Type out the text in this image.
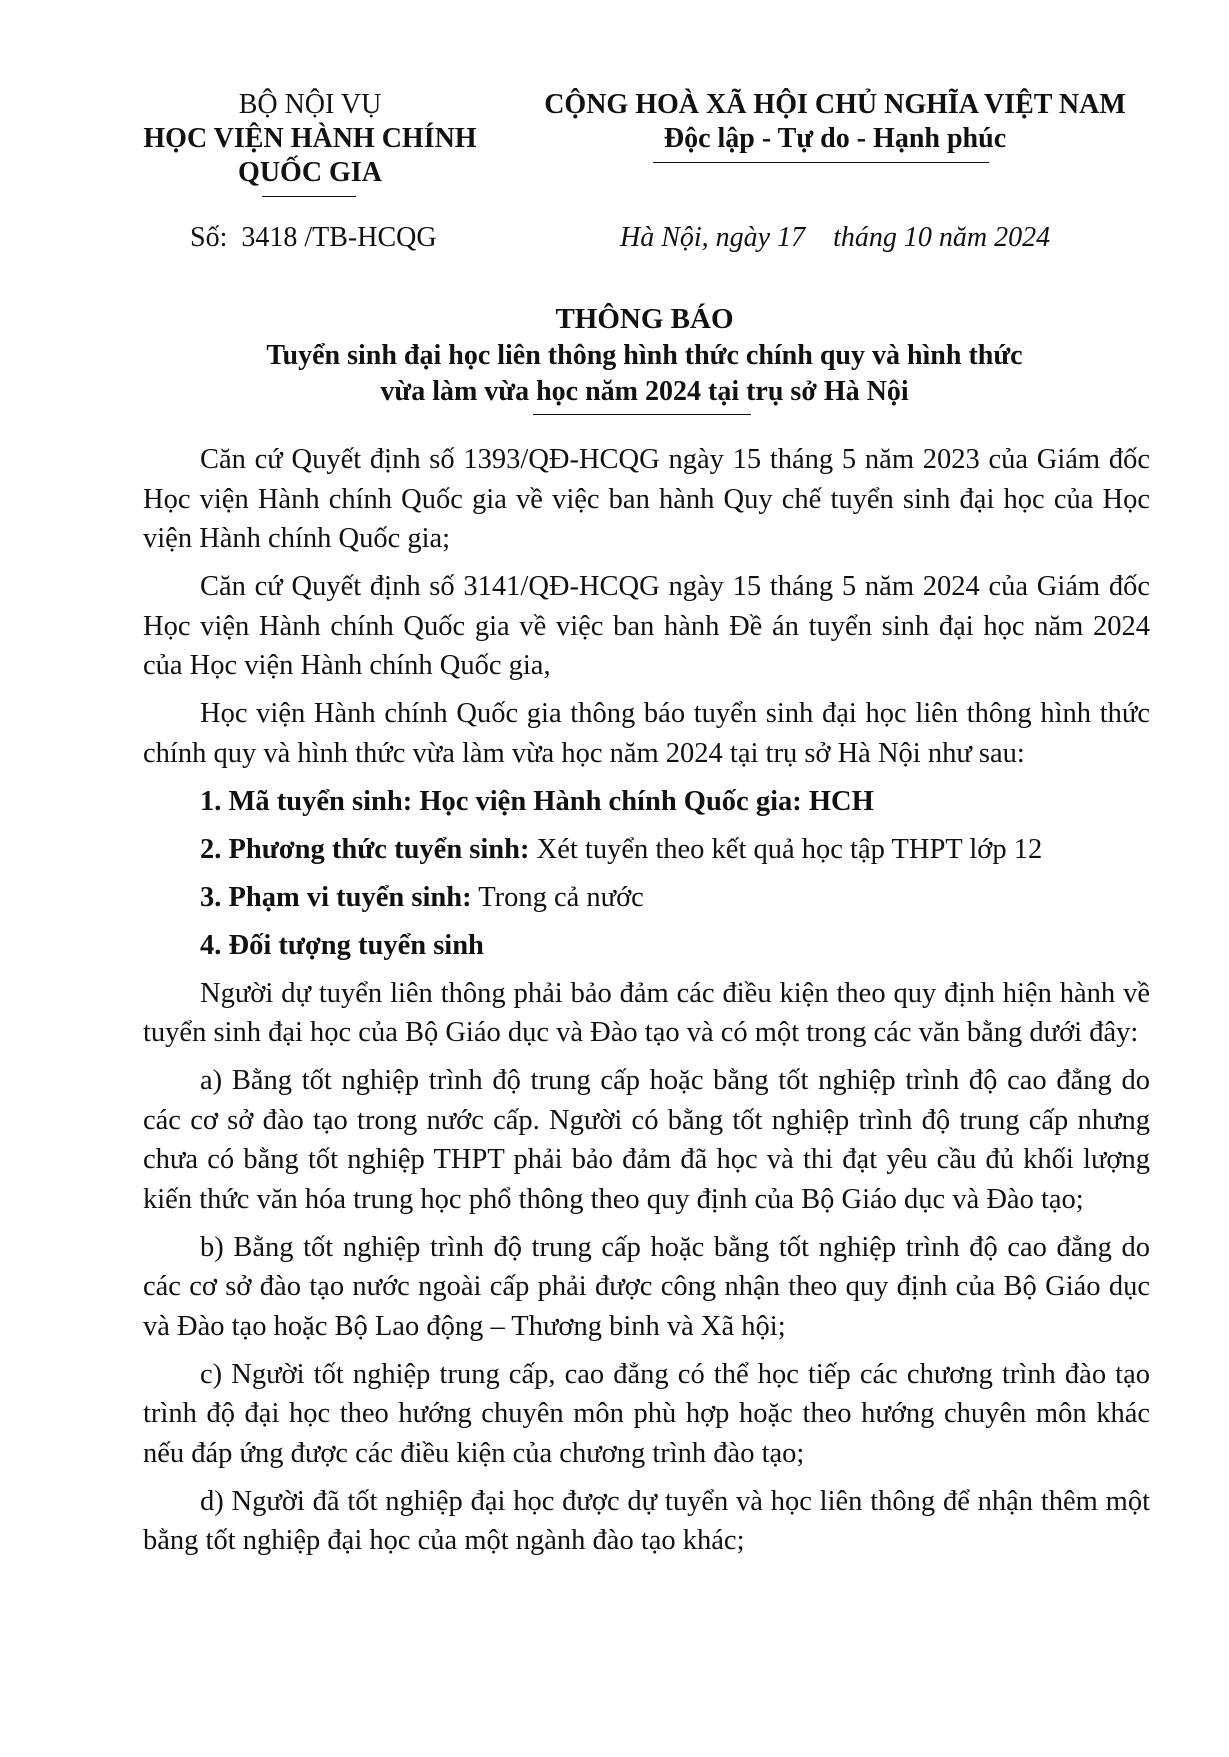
BỘ NỘI VỤ
HỌC VIỆN HÀNH CHÍNH
QUỐC GIA
CỘNG HOÀ XÃ HỘI CHỦ NGHĨA VIỆT NAM
Độc lập - Tự do - Hạnh phúc
Số:  3418 /TB-HCQG	Hà Nội, ngày 17    tháng 10 năm 2024
THÔNG BÁO
Tuyển sinh đại học liên thông hình thức chính quy và hình thức
vừa làm vừa học năm 2024 tại trụ sở Hà Nội

Căn cứ Quyết định số 1393/QĐ-HCQG ngày 15 tháng 5 năm 2023 của Giám đốc Học viện Hành chính Quốc gia về việc ban hành Quy chế tuyển sinh đại học của Học viện Hành chính Quốc gia;

Căn cứ Quyết định số 3141/QĐ-HCQG ngày 15 tháng 5 năm 2024 của Giám đốc Học viện Hành chính Quốc gia về việc ban hành Đề án tuyển sinh đại học năm 2024 của Học viện Hành chính Quốc gia,

Học viện Hành chính Quốc gia thông báo tuyển sinh đại học liên thông hình thức chính quy và hình thức vừa làm vừa học năm 2024 tại trụ sở Hà Nội như sau:

1. Mã tuyển sinh: Học viện Hành chính Quốc gia: HCH

2. Phương thức tuyển sinh: Xét tuyển theo kết quả học tập THPT lớp 12

3. Phạm vi tuyển sinh: Trong cả nước

4. Đối tượng tuyển sinh

Người dự tuyển liên thông phải bảo đảm các điều kiện theo quy định hiện hành về tuyển sinh đại học của Bộ Giáo dục và Đào tạo và có một trong các văn bằng dưới đây:

a) Bằng tốt nghiệp trình độ trung cấp hoặc bằng tốt nghiệp trình độ cao đẳng do các cơ sở đào tạo trong nước cấp. Người có bằng tốt nghiệp trình độ trung cấp nhưng chưa có bằng tốt nghiệp THPT phải bảo đảm đã học và thi đạt yêu cầu đủ khối lượng kiến thức văn hóa trung học phổ thông theo quy định của Bộ Giáo dục và Đào tạo;

b) Bằng tốt nghiệp trình độ trung cấp hoặc bằng tốt nghiệp trình độ cao đẳng do các cơ sở đào tạo nước ngoài cấp phải được công nhận theo quy định của Bộ Giáo dục và Đào tạo hoặc Bộ Lao động – Thương binh và Xã hội;

c) Người tốt nghiệp trung cấp, cao đẳng có thể học tiếp các chương trình đào tạo trình độ đại học theo hướng chuyên môn phù hợp hoặc theo hướng chuyên môn khác nếu đáp ứng được các điều kiện của chương trình đào tạo;

d) Người đã tốt nghiệp đại học được dự tuyển và học liên thông để nhận thêm một bằng tốt nghiệp đại học của một ngành đào tạo khác;
